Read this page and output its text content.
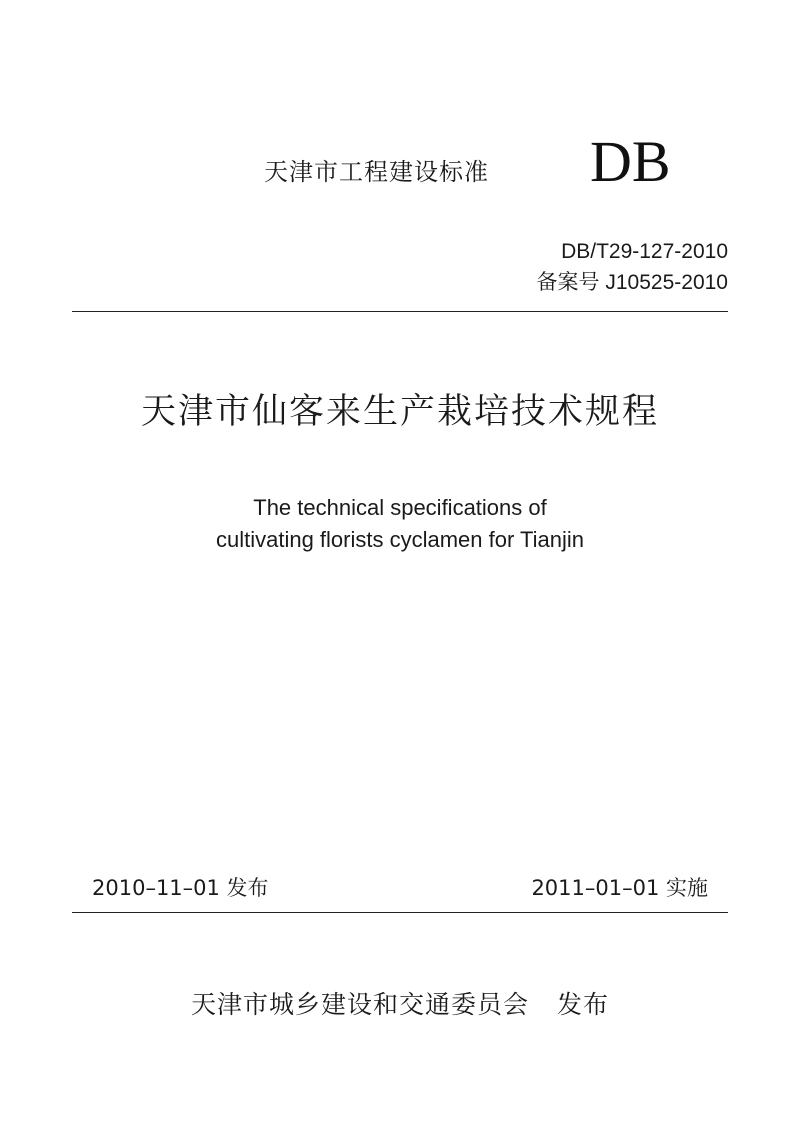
天津市工程建设标准 DB
DB/T29-127-2010
备案号 J10525-2010
天津市仙客来生产栽培技术规程
The technical specifications of
cultivating florists cyclamen for Tianjin
2010–11–01 发布	2011–01–01 实施
天津市城乡建设和交通委员会 发布
